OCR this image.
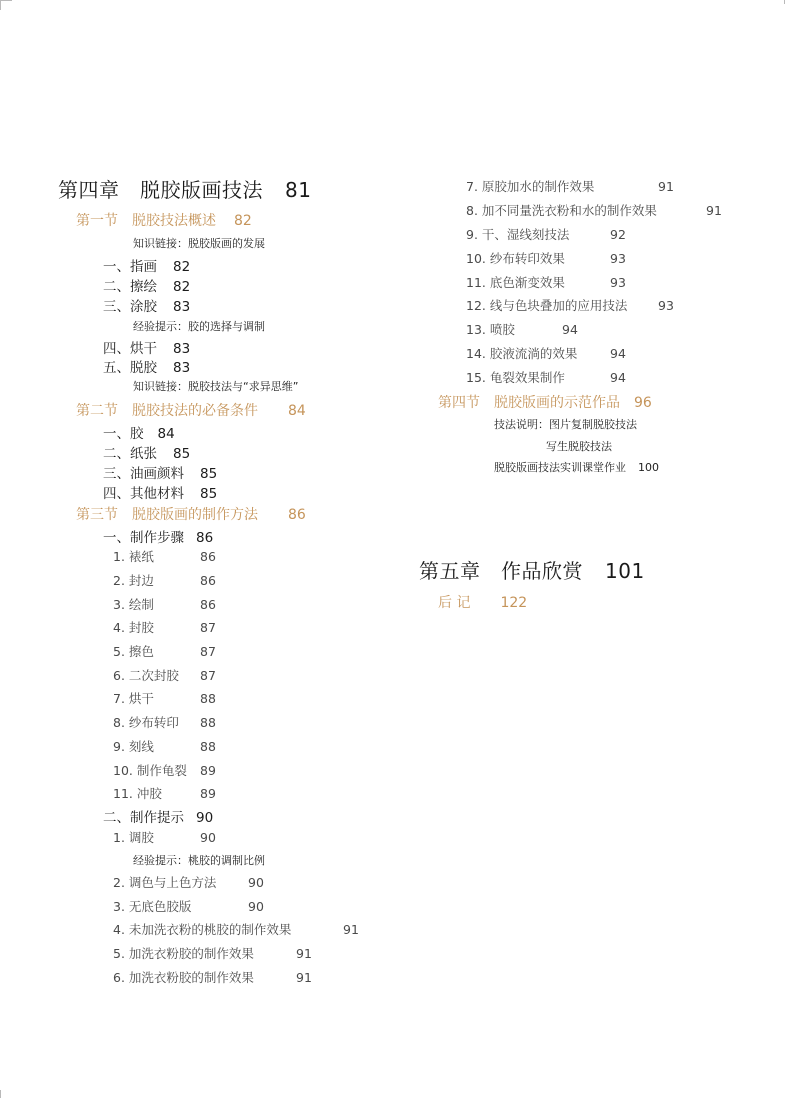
第四章　脱胶版画技法 81
第一节　脱胶技法概述 82
知识链接：脱胶版画的发展
一、指画 82
二、擦绘 82
三、涂胶 83
经验提示：胶的选择与调制
四、烘干 83
五、脱胶 83
知识链接：脱胶技法与“求异思维”
第二节　脱胶技法的必备条件 84
一、胶 84
二、纸张 85
三、油画颜料 85
四、其他材料 85
第三节　脱胶版画的制作方法 86
一、制作步骤 86
1. 裱纸	86
2. 封边	86
3. 绘制	86
4. 封胶	87
5. 擦色	87
6. 二次封胶 87
7. 烘干	88
8. 纱布转印 88
9. 刻线	88
10. 制作龟裂 89
11. 冲胶	89
二、制作提示 90
1. 调胶	90
经验提示：桃胶的调制比例
2. 调色与上色方法	90
3. 无底色胶版	90
4. 未加洗衣粉的桃胶的制作效果	91
5. 加洗衣粉胶的制作效果	91
6. 加洗衣粉胶的制作效果	91
7. 原胶加水的制作效果	91
8. 加不同量洗衣粉和水的制作效果	91
9. 干、湿线刻技法	92
10. 纱布转印效果	93
11. 底色渐变效果	93
12. 线与色块叠加的应用技法 93
13. 喷胶	94
14. 胶液流淌的效果	94
15. 龟裂效果制作	94
第四节　脱胶版画的示范作品 96
技法说明：图片复制脱胶技法
写生脱胶技法
脱胶版画技法实训课堂作业 100
第五章　作品欣赏 101
后 记 122
